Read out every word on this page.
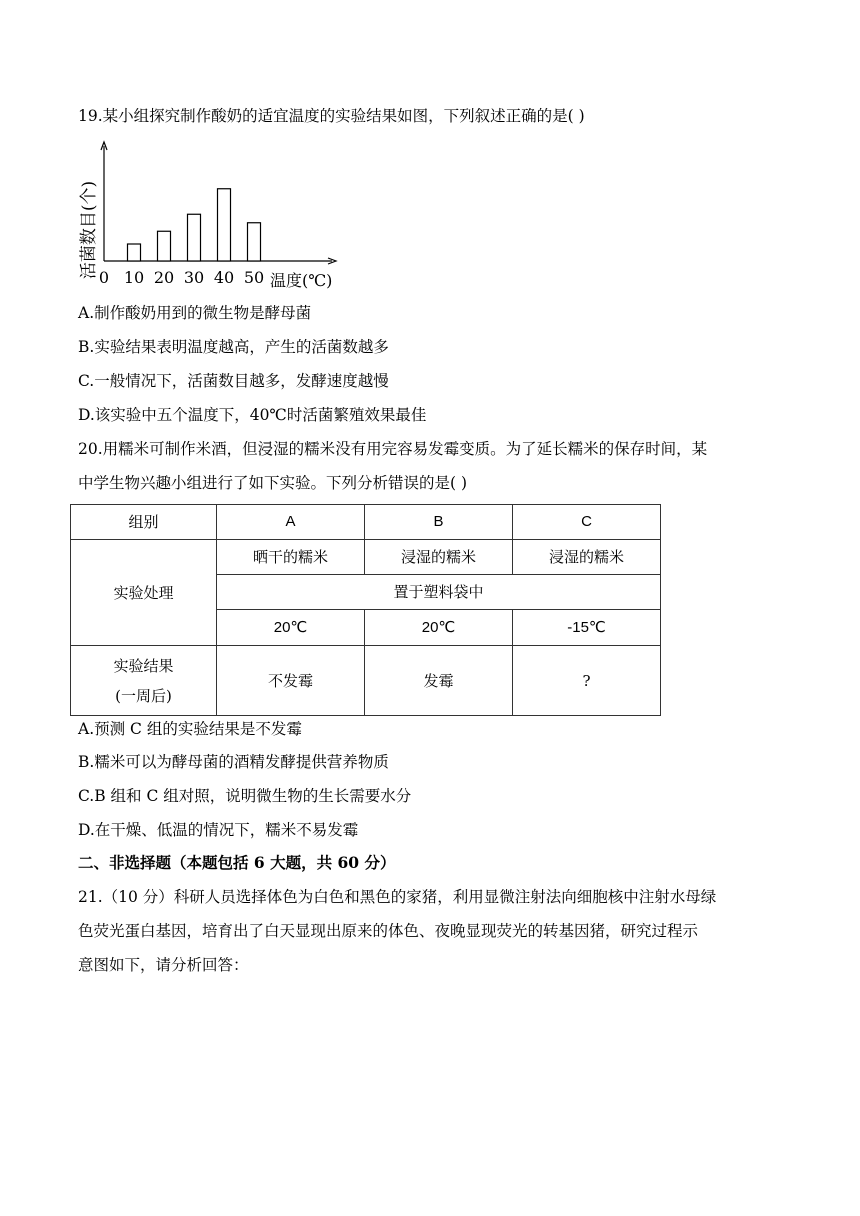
19.某小组探究制作酸奶的适宜温度的实验结果如图，下列叙述正确的是( )
0 10 20 30 40 50
活菌数目(个)
温度(℃)
A.制作酸奶用到的微生物是酵母菌
B.实验结果表明温度越高，产生的活菌数越多
C.一般情况下，活菌数目越多，发酵速度越慢
D.该实验中五个温度下，40℃时活菌繁殖效果最佳
20.用糯米可制作米酒，但浸湿的糯米没有用完容易发霉变质。为了延长糯米的保存时间，某
中学生物兴趣小组进行了如下实验。下列分析错误的是( )
组别	A	B	C
实验处理	晒干的糯米	浸湿的糯米	浸湿的糯米
	置于塑料袋中		
	20℃	20℃	-15℃

实验结果
(一周后)	不发霉	发霉	?
A.预测 C 组的实验结果是不发霉
B.糯米可以为酵母菌的酒精发酵提供营养物质
C.B 组和 C 组对照，说明微生物的生长需要水分
D.在干燥、低温的情况下，糯米不易发霉
二、非选择题（本题包括 6 大题，共 60 分）
21.（10 分）科研人员选择体色为白色和黑色的家猪，利用显微注射法向细胞核中注射水母绿
色荧光蛋白基因，培育出了白天显现出原来的体色、夜晚显现荧光的转基因猪，研究过程示
意图如下，请分析回答：
